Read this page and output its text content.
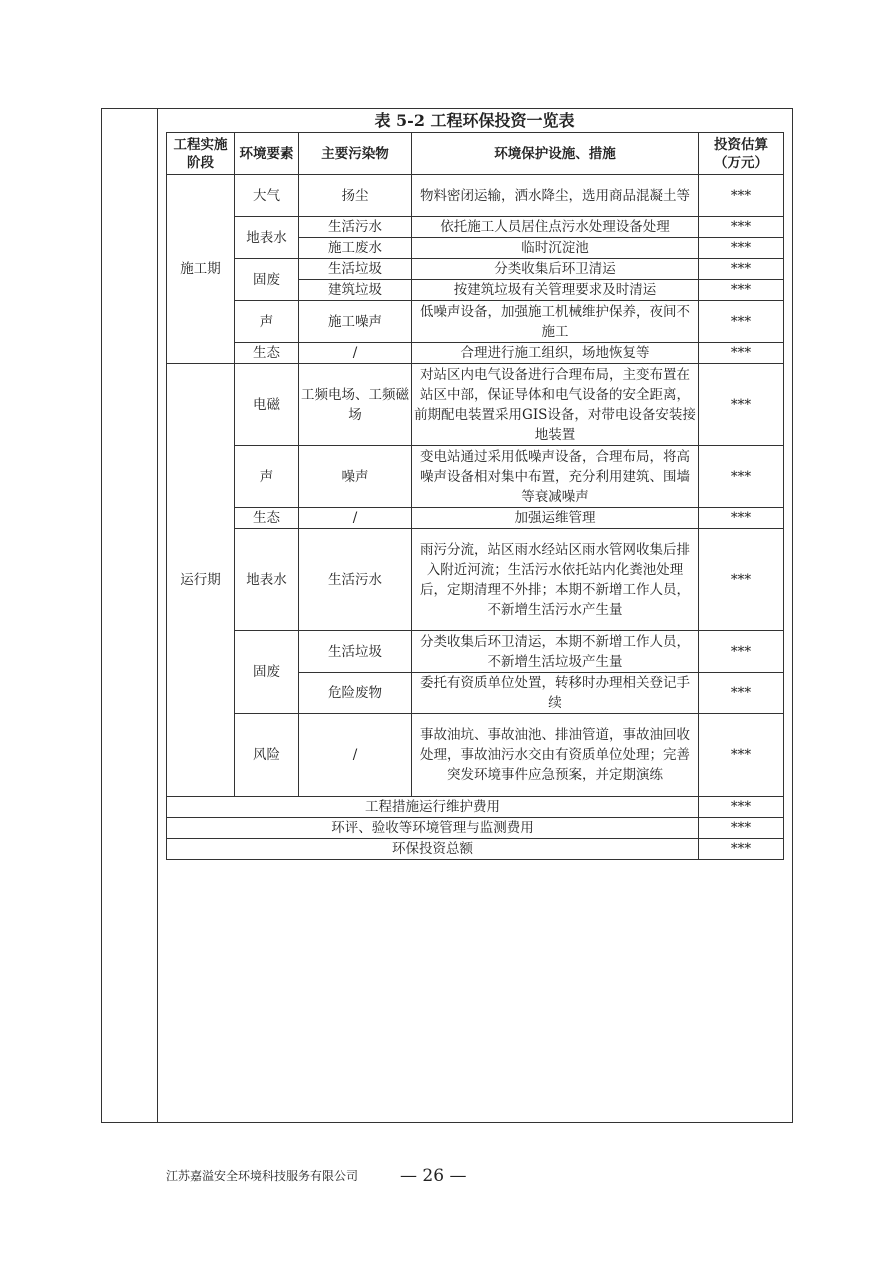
表 5-2 工程环保投资一览表
工程实施阶段	环境要素	主要污染物	环境保护设施、措施	投资估算（万元）
施工期	大气	扬尘	物料密闭运输，洒水降尘，选用商品混凝土等	***
	地表水	生活污水	依托施工人员居住点污水处理设备处理	***
		施工废水	临时沉淀池	***
	固废	生活垃圾	分类收集后环卫清运	***
		建筑垃圾	按建筑垃圾有关管理要求及时清运	***
	声	施工噪声	低噪声设备，加强施工机械维护保养，夜间不施工	***
	生态	/	合理进行施工组织，场地恢复等	***
运行期	电磁	工频电场、工频磁场	对站区内电气设备进行合理布局，主变布置在站区中部，保证导体和电气设备的安全距离，前期配电装置采用GIS设备，对带电设备安装接地装置	***
	声	噪声	变电站通过采用低噪声设备，合理布局，将高噪声设备相对集中布置，充分利用建筑、围墙等衰减噪声	***
	生态	/	加强运维管理	***
	地表水	生活污水	雨污分流，站区雨水经站区雨水管网收集后排入附近河流；生活污水依托站内化粪池处理后，定期清理不外排；本期不新增工作人员，不新增生活污水产生量	***
	固废	生活垃圾	分类收集后环卫清运，本期不新增工作人员，不新增生活垃圾产生量	***
		危险废物	委托有资质单位处置，转移时办理相关登记手续	***
	风险	/	事故油坑、事故油池、排油管道，事故油回收处理，事故油污水交由有资质单位处理；完善突发环境事件应急预案，并定期演练	***
工程措施运行维护费用				***
环评、验收等环境管理与监测费用				***
环保投资总额				***
江苏嘉溢安全环境科技服务有限公司 — 26 —
